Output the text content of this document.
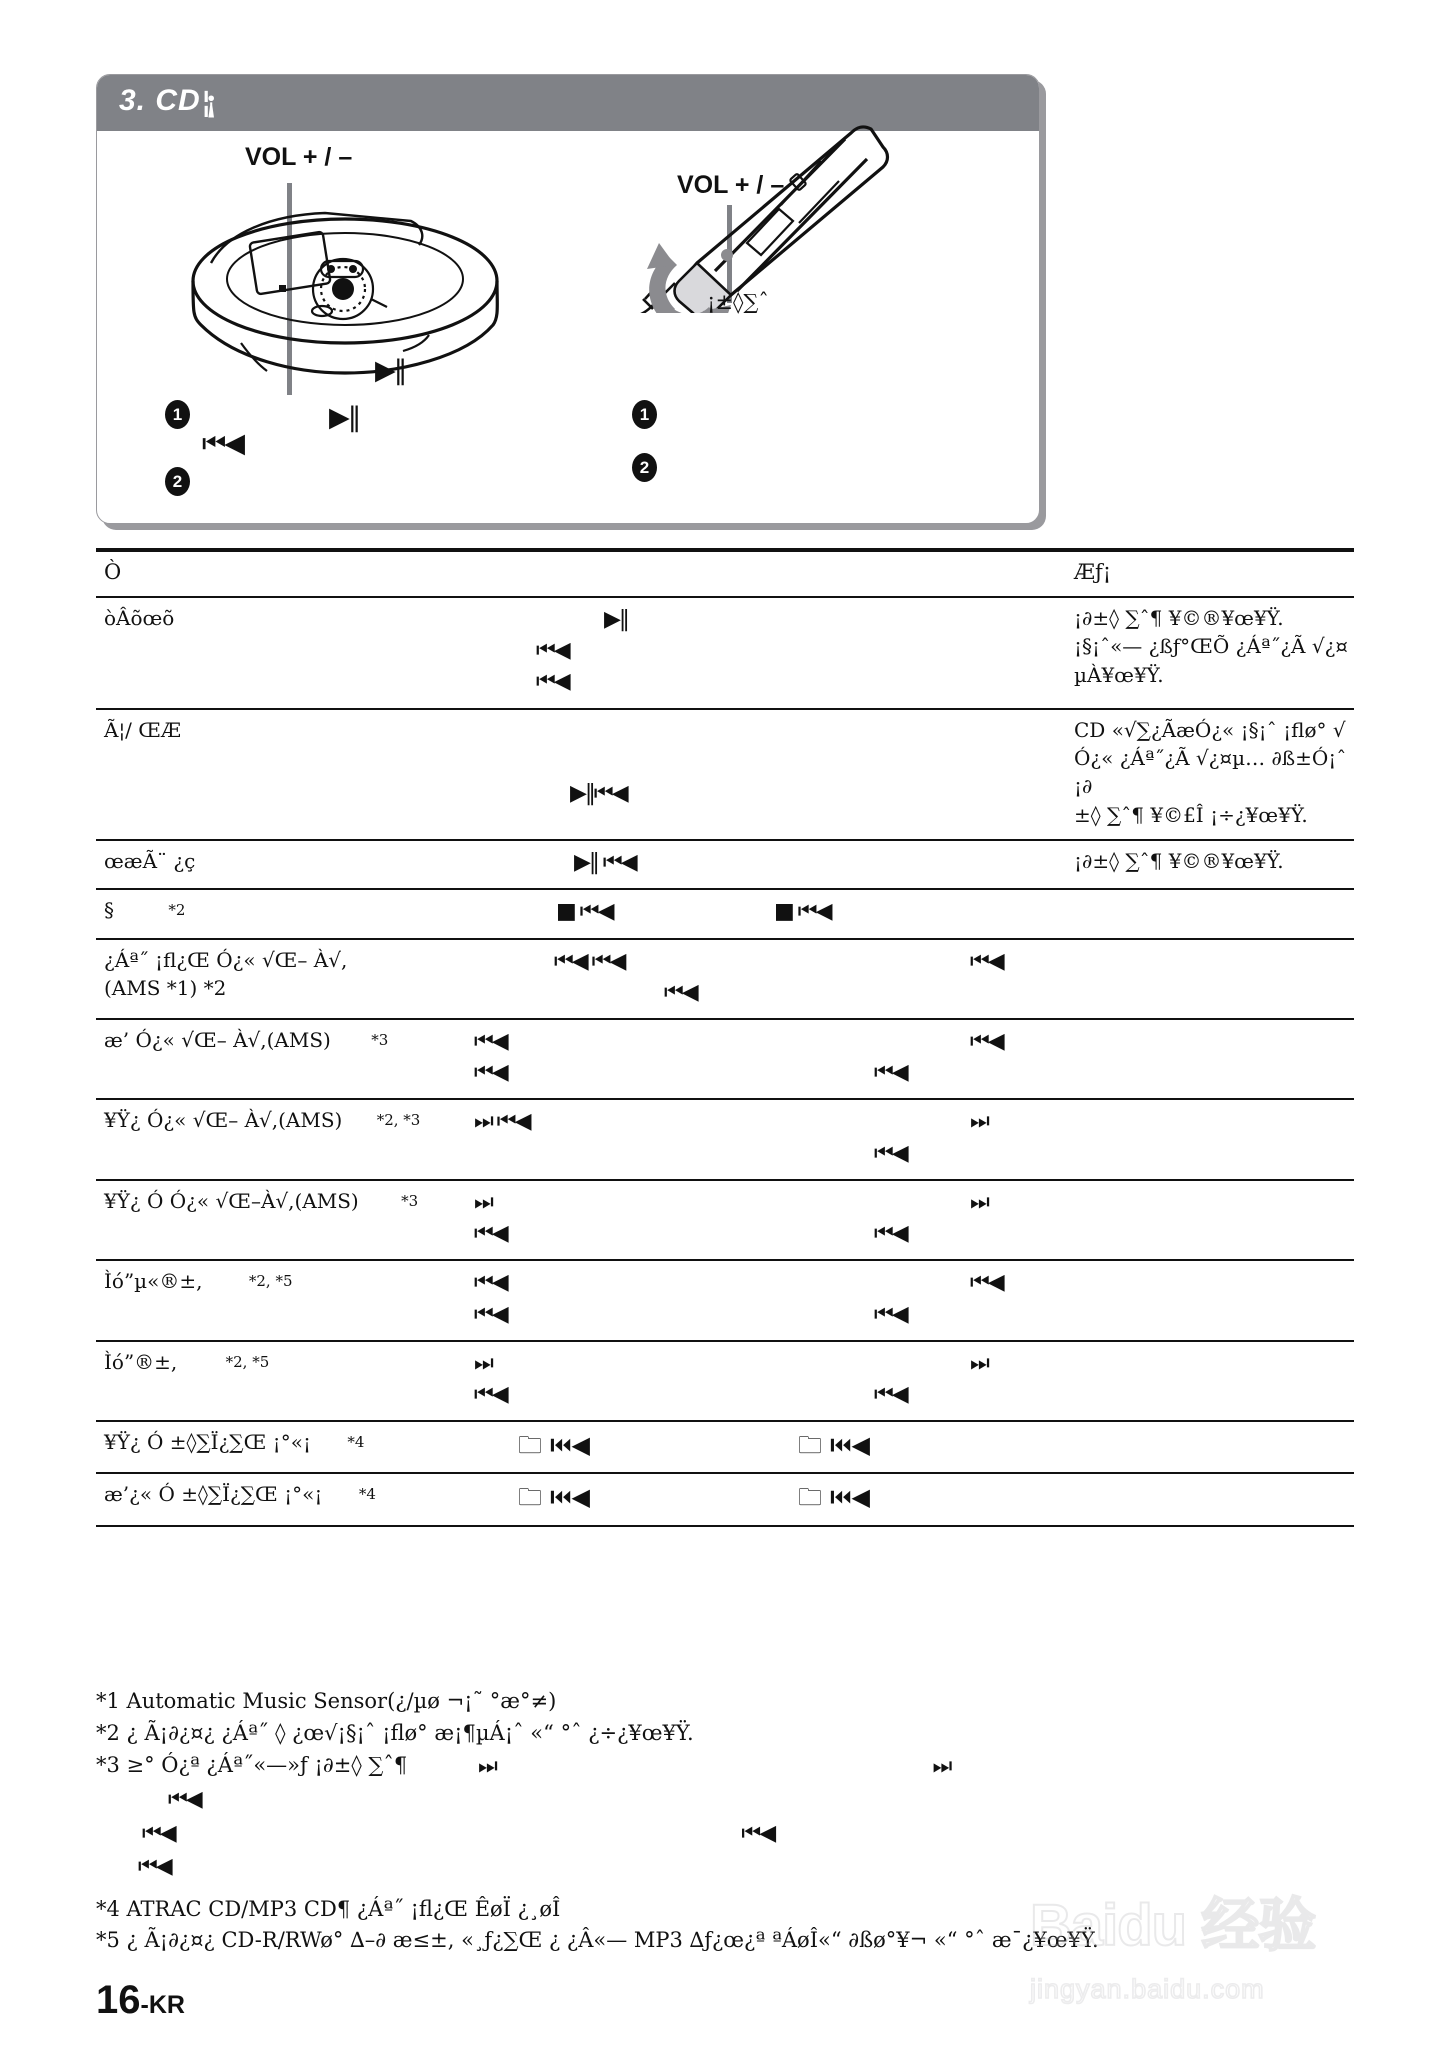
3. CD¦¡
VOL + / –
▶‖
▶‖
⏮◀
1
2
VOL + / –
¡±◊∑ˆ
1
2
Ò			Æƒ¡
òÂõœõ	▶‖
⏮◀
⏮◀		¡∂±◊ ∑ˆ¶ ¥©®¥œ¥Ÿ.
¡§¡ˆ«— ¿ßƒ°ŒÕ ¿Áª˝¿Ã √¿¤
µÀ¥œ¥Ÿ.

Ã¦/ ŒÆ	▶‖⏮◀		CD «√∑¿ÃæÓ¿« ¡§¡ˆ ¡ﬂø° √
Ó¿« ¿Áª˝¿Ã √¿¤µ… ∂ß±Ó¡ˆ ¡∂
±◊ ∑ˆ¶ ¥©£Î ¡÷¿¥œ¥Ÿ.

œæÃ¨ ¿ç	▶‖ ⏮◀		¡∂±◊ ∑ˆ¶ ¥©®¥œ¥Ÿ.
§ *2	■ ⏮◀	■ ⏮◀	

¿Áª˝ ¡ﬂ¿Œ Ó¿« √Œ– À√,
(AMS *1) *2	⏮◀ ⏮◀
⏮◀	⏮◀	

æ’ Ó¿« √Œ– À√,(AMS) *3	⏮◀
⏮◀	⏮◀
⏮◀	

¥Ÿ¿ Ó¿« √Œ– À√,(AMS) *2, *3	⏭ ⏮◀	⏭
⏮◀	

¥Ÿ¿ Ó Ó¿« √Œ–À√,(AMS) *3	⏭
⏮◀	⏭
⏮◀	

Ìó”µ«®±, *2, *5	⏮◀
⏮◀	⏮◀
⏮◀	

Ìó”®±, *2, *5	⏭
⏮◀	⏭
⏮◀	

¥Ÿ¿ Ó ±◊∑Ï¿∑Œ ¡°«¡ *4	🗀 ⏮◀	🗀 ⏮◀	
æ’¿« Ó ±◊∑Ï¿∑Œ ¡°«¡ *4	🗀 ⏮◀	🗀 ⏮◀	

*1 Automatic Music Sensor(¿/µø ¬¡˜ °æ°≠)
*2 ¿ Ã¡∂¿¤¿ ¿Áª˝ ◊ ¿œ√¡§¡ˆ ¡ﬂø° æ¡¶µÁ¡ˆ «“ °ˆ ¿÷¿¥œ¥Ÿ.
*3 ≥° Ó¿ª ¿Áª˝«—»ƒ ¡∂±◊ ∑ˆ¶	⏭	⏭
⏮◀
⏮◀	⏮◀
⏮◀
*4 ATRAC CD/MP3 CD¶ ¿Áª˝ ¡ﬂ¿Œ ÊøÏ ¿¸øÎ
*5 ¿ Ã¡∂¿¤¿ CD-R/RWø° ∆–∂ æ≤±, «¸ƒ¿∑Œ ¿ ¿Â«— MP3 ∆ƒ¿œ¿ª ªÁøÎ«“ ∂ßø°¥¬ «“ °ˆ æ¯¿¥œ¥Ÿ.
16-KR
Baidu 经验
jingyan.baidu.com
